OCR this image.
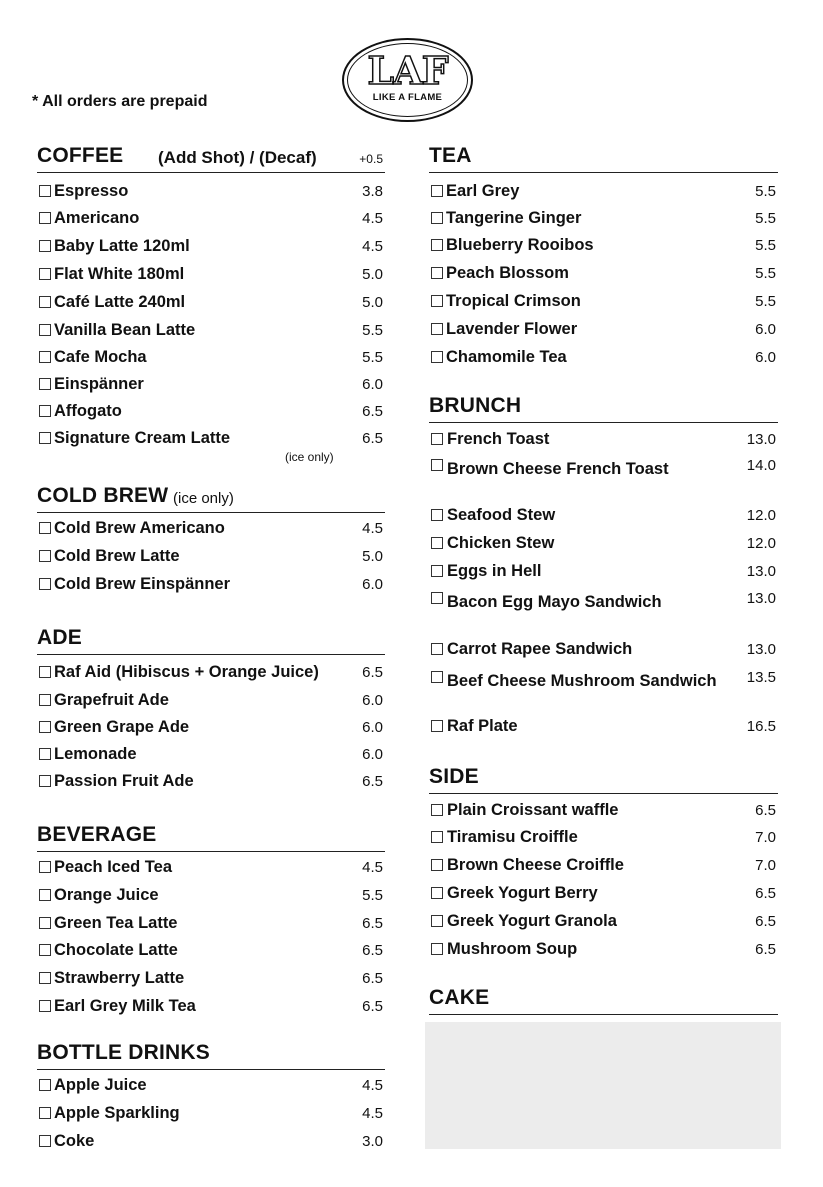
* All orders are prepaid
LAF
LIKE A FLAME
COFFEE (Add Shot) / (Decaf)	+0.5
Espresso	3.8
Americano	4.5
Baby Latte 120ml	4.5
Flat White 180ml	5.0
Café Latte 240ml	5.0
Vanilla Bean Latte	5.5
Cafe Mocha	5.5
Einspänner	6.0
Affogato	6.5
Signature Cream Latte	6.5
(ice only)
COLD BREW (ice only)
Cold Brew Americano	4.5
Cold Brew Latte	5.0
Cold Brew Einspänner	6.0
ADE
Raf Aid (Hibiscus + Orange Juice)	6.5
Grapefruit Ade	6.0
Green Grape Ade	6.0
Lemonade	6.0
Passion Fruit Ade	6.5
BEVERAGE
Peach Iced Tea	4.5
Orange Juice	5.5
Green Tea Latte	6.5
Chocolate Latte	6.5
Strawberry Latte	6.5
Earl Grey Milk Tea	6.5
BOTTLE DRINKS
Apple Juice	4.5
Apple Sparkling	4.5
Coke	3.0
TEA
Earl Grey	5.5
Tangerine Ginger	5.5
Blueberry Rooibos	5.5
Peach Blossom	5.5
Tropical Crimson	5.5
Lavender Flower	6.0
Chamomile Tea	6.0
BRUNCH
French Toast	13.0
Brown Cheese French Toast	14.0
Seafood Stew	12.0
Chicken Stew	12.0
Eggs in Hell	13.0
Bacon Egg Mayo Sandwich	13.0
Carrot Rapee Sandwich	13.0
Beef Cheese Mushroom Sandwich 13.5
Raf Plate	16.5
SIDE
Plain Croissant waffle	6.5
Tiramisu Croiffle	7.0
Brown Cheese Croiffle	7.0
Greek Yogurt Berry	6.5
Greek Yogurt Granola	6.5
Mushroom Soup	6.5
CAKE
